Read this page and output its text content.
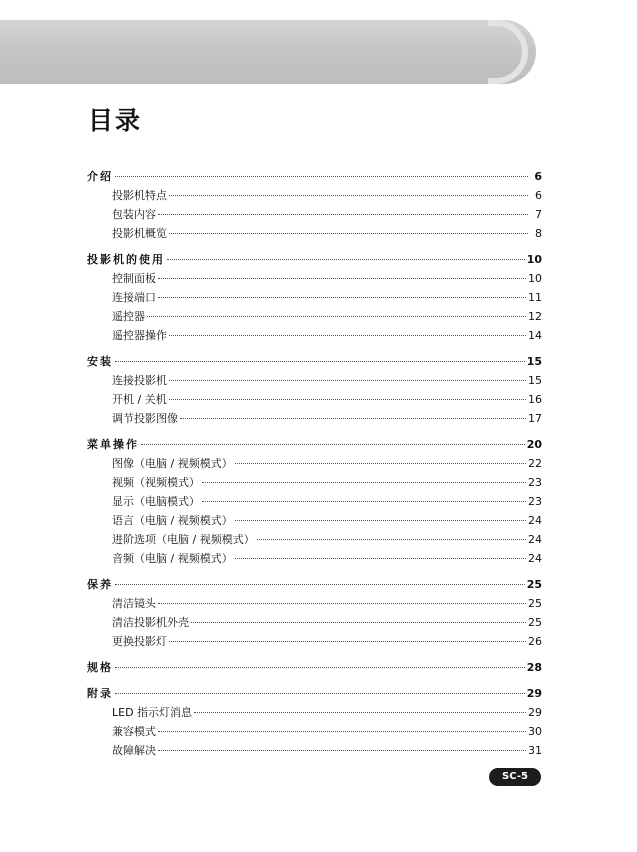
目录
介绍	6
投影机特点	6
包装内容	7
投影机概览	8
投影机的使用	10
控制面板	10
连接端口	11
遥控器	12
遥控器操作	14
安装	15
连接投影机	15
开机 / 关机	16
调节投影图像	17
菜单操作	20
图像（电脑 / 视频模式）	22
视频（视频模式）	23
显示（电脑模式）	23
语言（电脑 / 视频模式）	24
进阶选项（电脑 / 视频模式）	24
音频（电脑 / 视频模式）	24
保养	25
清洁镜头	25
清洁投影机外壳	25
更换投影灯	26
规格	28
附录	29
LED 指示灯消息	29
兼容模式	30
故障解决	31
SC-5
